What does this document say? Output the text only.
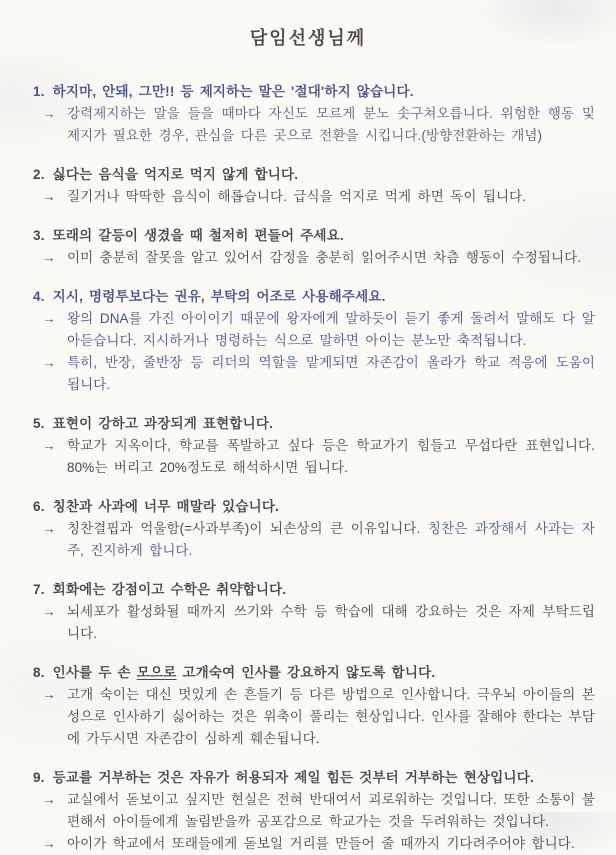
담임선생님께
1. 하지마, 안돼, 그만!! 등 제지하는 말은 '절대'하지 않습니다.
→ 강력제지하는 말을 들을 때마다 자신도 모르게 분노 솟구쳐오릅니다. 위험한 행동 및 제지가 필요한 경우, 관심을 다른 곳으로 전환을 시킵니다.(방향전환하는 개념)
2. 싫다는 음식을 억지로 먹지 않게 합니다.
→ 질기거나 딱딱한 음식이 해롭습니다. 급식을 억지로 먹게 하면 독이 됩니다.
3. 또래의 갈등이 생겼을 때 철저히 편들어 주세요.
→ 이미 충분히 잘못을 알고 있어서 감정을 충분히 읽어주시면 차츰 행동이 수정됩니다.
4. 지시, 명령투보다는 권유, 부탁의 어조로 사용해주세요.
→ 왕의 DNA를 가진 아이이기 때문에 왕자에게 말하듯이 듣기 좋게 돌려서 말해도 다 알아듣습니다. 지시하거나 명령하는 식으로 말하면 아이는 분노만 축적됩니다.
→ 특히, 반장, 줄반장 등 리더의 역할을 맡게되면 자존감이 올라가 학교 적응에 도움이 됩니다.
5. 표현이 강하고 과장되게 표현합니다.
→ 학교가 지옥이다, 학교를 폭발하고 싶다 등은 학교가기 힘들고 무섭다란 표현입니다. 80%는 버리고 20%정도로 해석하시면 됩니다.
6. 칭찬과 사과에 너무 매말라 있습니다.
→ 칭찬결핍과 억울함(=사과부족)이 뇌손상의 큰 이유입니다. 칭찬은 과장해서 사과는 자주, 진지하게 합니다.
7. 회화에는 강점이고 수학은 취약합니다.
→ 뇌세포가 활성화될 때까지 쓰기와 수학 등 학습에 대해 강요하는 것은 자제 부탁드립니다.
8. 인사를 두 손 모으로 고개숙여 인사를 강요하지 않도록 합니다.
→ 고개 숙이는 대신 멋있게 손 흔들기 등 다른 방법으로 인사합니다. 극우뇌 아이들의 본성으로 인사하기 싫어하는 것은 위축이 풀리는 현상입니다. 인사를 잘해야 한다는 부담에 가두시면 자존감이 심하게 훼손됩니다.
9. 등교를 거부하는 것은 자유가 허용되자 제일 힘든 것부터 거부하는 현상입니다.
→ 교실에서 돋보이고 싶지만 현실은 전혀 반대여서 괴로워하는 것입니다. 또한 소통이 불편해서 아이들에게 놀림받을까 공포감으로 학교가는 것을 두려워하는 것입니다.
→ 아이가 학교에서 또래들에게 돋보일 거리를 만들어 줄 때까지 기다려주어야 합니다.
